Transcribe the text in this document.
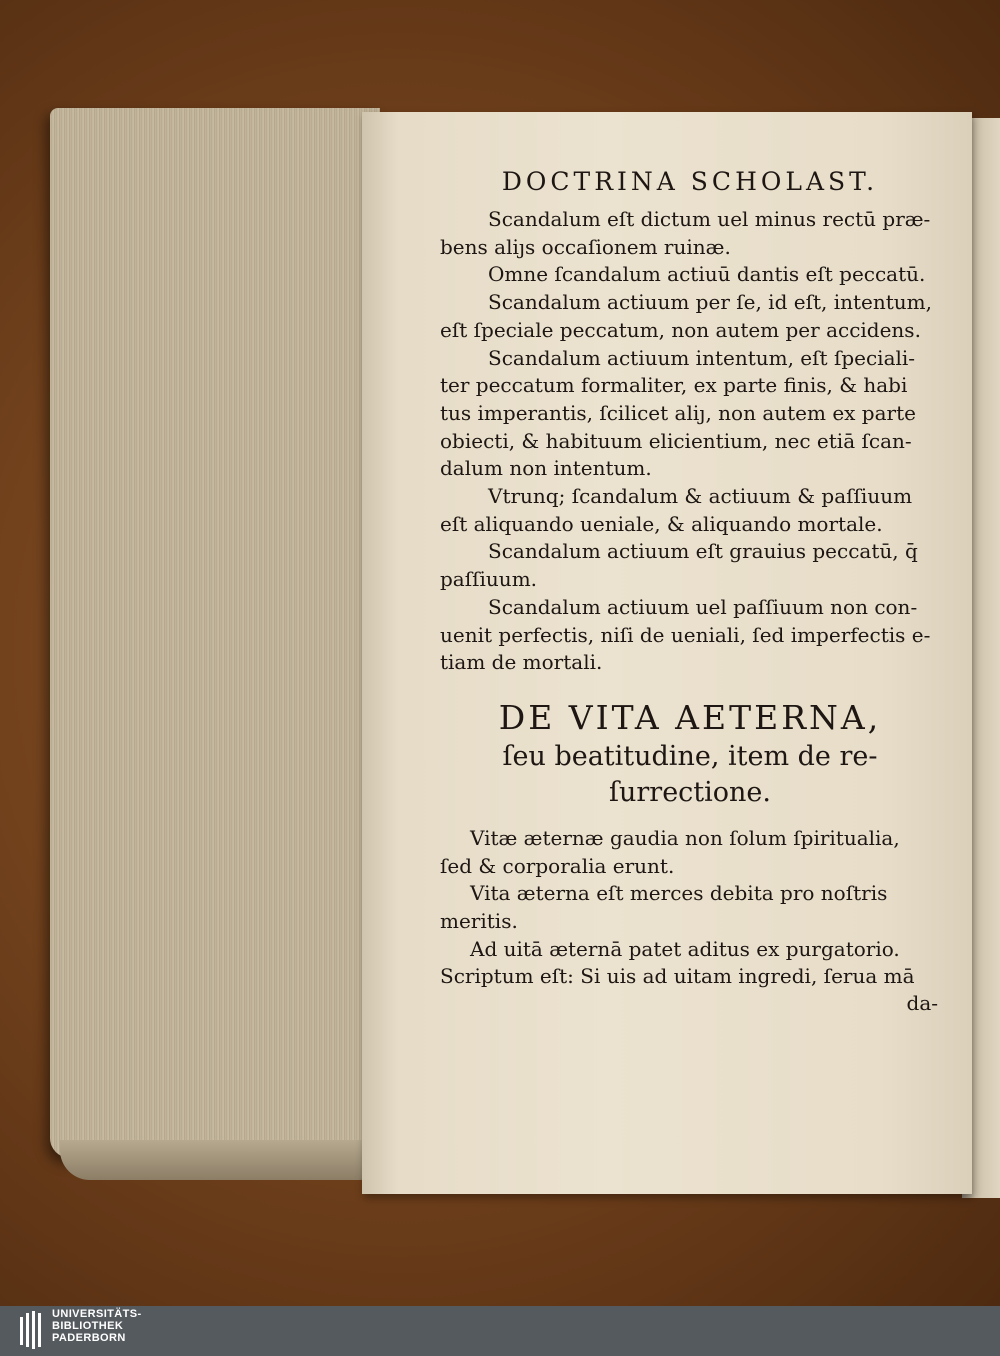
DOCTRINA SCHOLAST.

Scandalum eſt dictum uel minus rectū præ-
bens aliȷs occaſionem ruinæ.

Omne ſcandalum actiuū dantis eſt peccatū.

Scandalum actiuum per ſe, id eſt, intentum,
eſt ſpeciale peccatum, non autem per accidens.

Scandalum actiuum intentum, eſt ſpeciali-
ter peccatum formaliter, ex parte finis, & habi
tus imperantis, ſcilicet aliȷ, non autem ex parte
obiecti, & habituum elicientium, nec etiā ſcan-
dalum non intentum.

Vtrunq; ſcandalum & actiuum & paſſiuum
eſt aliquando ueniale, & aliquando mortale.

Scandalum actiuum eſt grauius peccatū, q̄
paſſiuum.

Scandalum actiuum uel paſſiuum non con-
uenit perfectis, niſi de ueniali, ſed imperfectis e-
tiam de mortali.

DE VITA AETERNA,
ſeu beatitudine, item de re-
ſurrectione.

Vitæ æternæ gaudia non ſolum ſpiritualia,
ſed & corporalia erunt.

Vita æterna eſt merces debita pro noſtris
meritis.

Ad uitā æternā patet aditus ex purgatorio.
Scriptum eſt: Si uis ad uitam ingredi, ſerua mā

da-
UNIVERSITÄTS-
BIBLIOTHEK
PADERBORN
